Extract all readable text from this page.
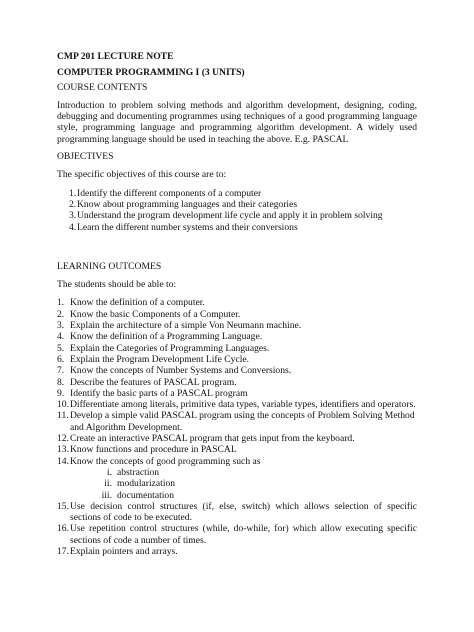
CMP 201 LECTURE NOTE
COMPUTER PROGRAMMING I (3 UNITS)
COURSE CONTENTS
Introduction to problem solving methods and algorithm development, designing, coding, debugging and documenting programmes using techniques of a good programming language style, programming language and programming algorithm development. A widely used programming language should be used in teaching the above. E.g. PASCAL
OBJECTIVES
The specific objectives of this course are to:
1. Identify the different components of a computer
2. Know about programming languages and their categories
3. Understand the program development life cycle and apply it in problem solving
4. Learn the different number systems and their conversions
LEARNING OUTCOMES
The students should be able to:
1. Know the definition of a computer.
2. Know the basic Components of a Computer.
3. Explain the architecture of a simple Von Neumann machine.
4. Know the definition of a Programming Language.
5. Explain the Categories of Programming Languages.
6. Explain the Program Development Life Cycle.
7. Know the concepts of Number Systems and Conversions.
8. Describe the features of PASCAL program.
9. Identify the basic parts of a PASCAL program
10. Differentiate among literals, primitive data types, variable types, identifiers and operators.
11. Develop a simple valid PASCAL program using the concepts of Problem Solving Method and Algorithm Development.
12. Create an interactive PASCAL program that gets input from the keyboard.
13. Know functions and procedure in PASCAL
14. Know the concepts of good programming such as
i. abstraction
ii. modularization
iii. documentation
15. Use decision control structures (if, else, switch) which allows selection of specific sections of code to be executed.
16. Use repetition control structures (while, do-while, for) which allow executing specific sections of code a number of times.
17. Explain pointers and arrays.
